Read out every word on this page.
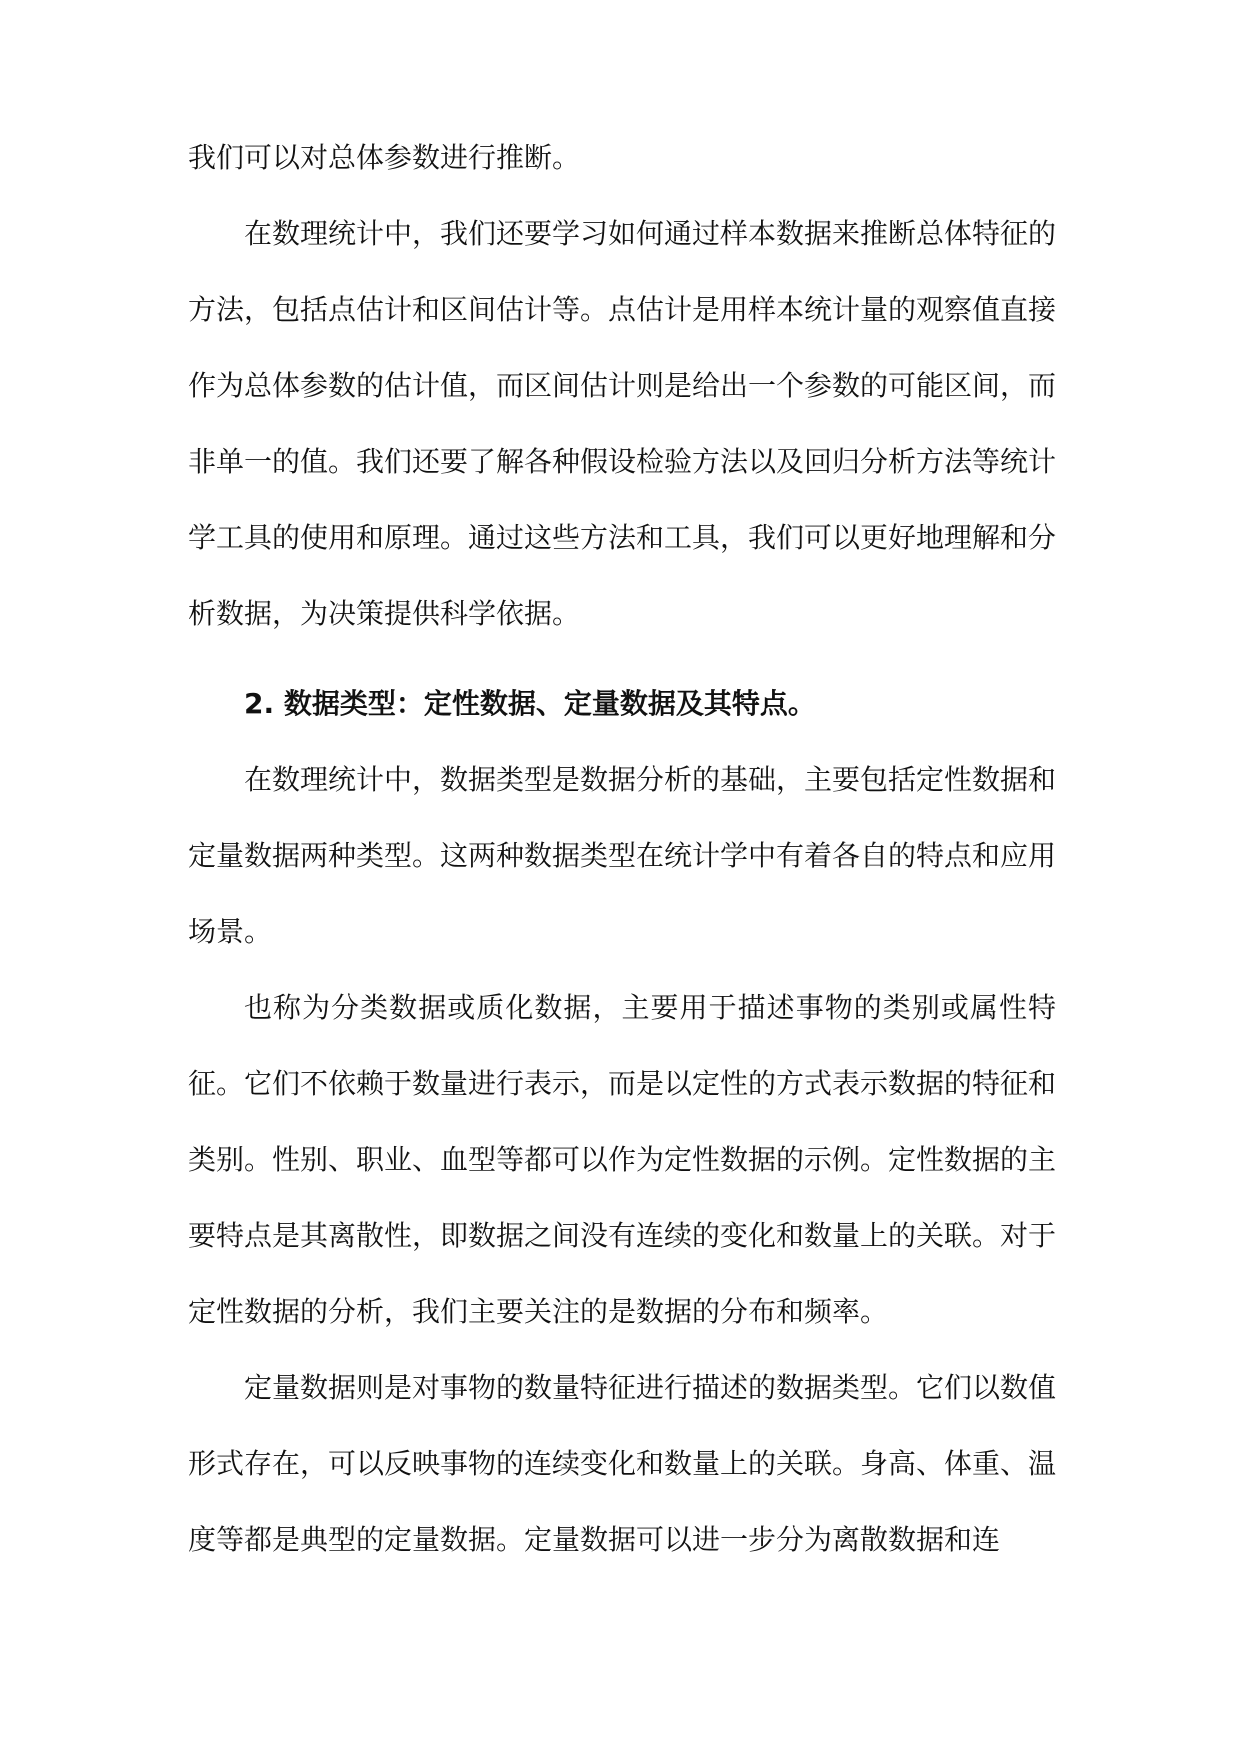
我们可以对总体参数进行推断。

在数理统计中，我们还要学习如何通过样本数据来推断总体特征的方法，包括点估计和区间估计等。点估计是用样本统计量的观察值直接作为总体参数的估计值，而区间估计则是给出一个参数的可能区间，而非单一的值。我们还要了解各种假设检验方法以及回归分析方法等统计学工具的使用和原理。通过这些方法和工具，我们可以更好地理解和分析数据，为决策提供科学依据。

2. 数据类型：定性数据、定量数据及其特点。

在数理统计中，数据类型是数据分析的基础，主要包括定性数据和定量数据两种类型。这两种数据类型在统计学中有着各自的特点和应用场景。

也称为分类数据或质化数据，主要用于描述事物的类别或属性特征。它们不依赖于数量进行表示，而是以定性的方式表示数据的特征和类别。性别、职业、血型等都可以作为定性数据的示例。定性数据的主要特点是其离散性，即数据之间没有连续的变化和数量上的关联。对于定性数据的分析，我们主要关注的是数据的分布和频率。

定量数据则是对事物的数量特征进行描述的数据类型。它们以数值形式存在，可以反映事物的连续变化和数量上的关联。身高、体重、温度等都是典型的定量数据。定量数据可以进一步分为离散数据和连
